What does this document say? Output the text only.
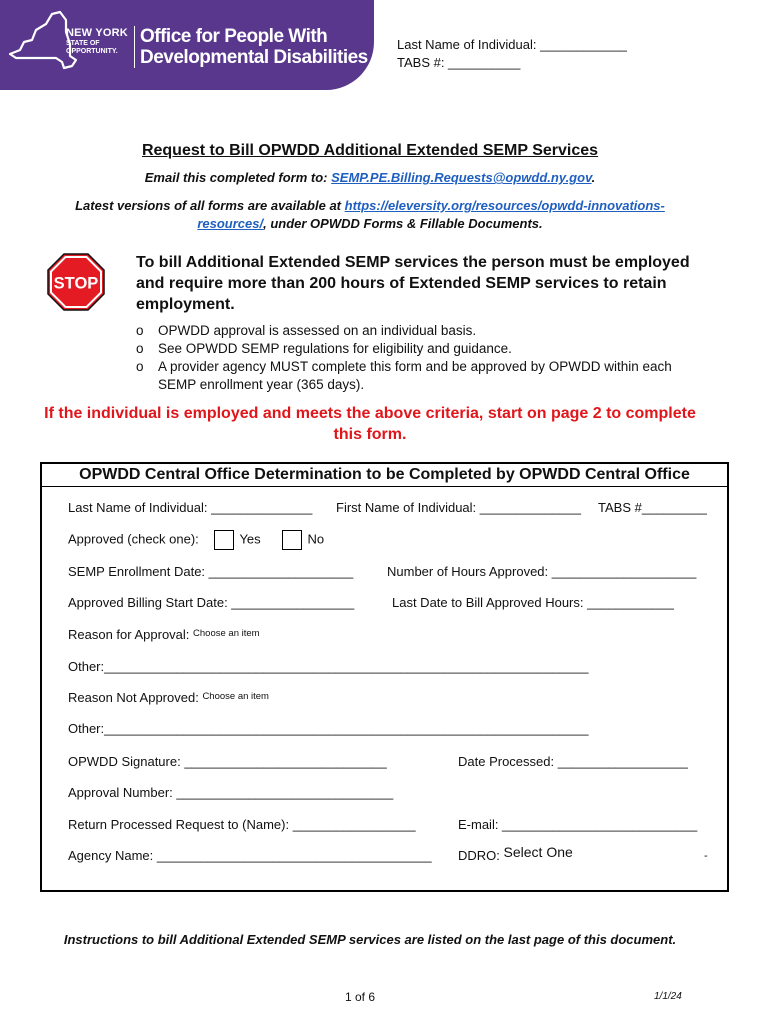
NEW YORK
STATE OF
OPPORTUNITY.
Office for People With
Developmental Disabilities
Last Name of Individual: ____________
TABS #: __________
Request to Bill OPWDD Additional Extended SEMP Services
Email this completed form to: SEMP.PE.Billing.Requests@opwdd.ny.gov.
Latest versions of all forms are available at https://eleversity.org/resources/opwdd-innovations-resources/, under OPWDD Forms & Fillable Documents.
STOP
To bill Additional Extended SEMP services the person must be employed and require more than 200 hours of Extended SEMP services to retain employment.
o OPWDD approval is assessed on an individual basis.
o See OPWDD SEMP regulations for eligibility and guidance.
o A provider agency MUST complete this form and be approved by OPWDD within each SEMP enrollment year (365 days).
If the individual is employed and meets the above criteria, start on page 2 to complete this form.
OPWDD Central Office Determination to be Completed by OPWDD Central Office
Last Name of Individual: ______________ First Name of Individual: ______________ TABS #_________
Approved (check one):	Yes	No
SEMP Enrollment Date: ____________________	Number of Hours Approved: ____________________
Approved Billing Start Date: _________________	Last Date to Bill Approved Hours: ____________
Reason for Approval: $^{Choose an item}$
Other:___________________________________________________________________
Reason Not Approved: $^{Choose an item}$
Other:___________________________________________________________________
OPWDD Signature: ____________________________	Date Processed: __________________
Approval Number: ______________________________
Return Processed Request to (Name): _________________	E-mail: ___________________________
Agency Name: ______________________________________ DDRO: Select One	-
Instructions to bill Additional Extended SEMP services are listed on the last page of this document.
1 of 6	1/1/24
